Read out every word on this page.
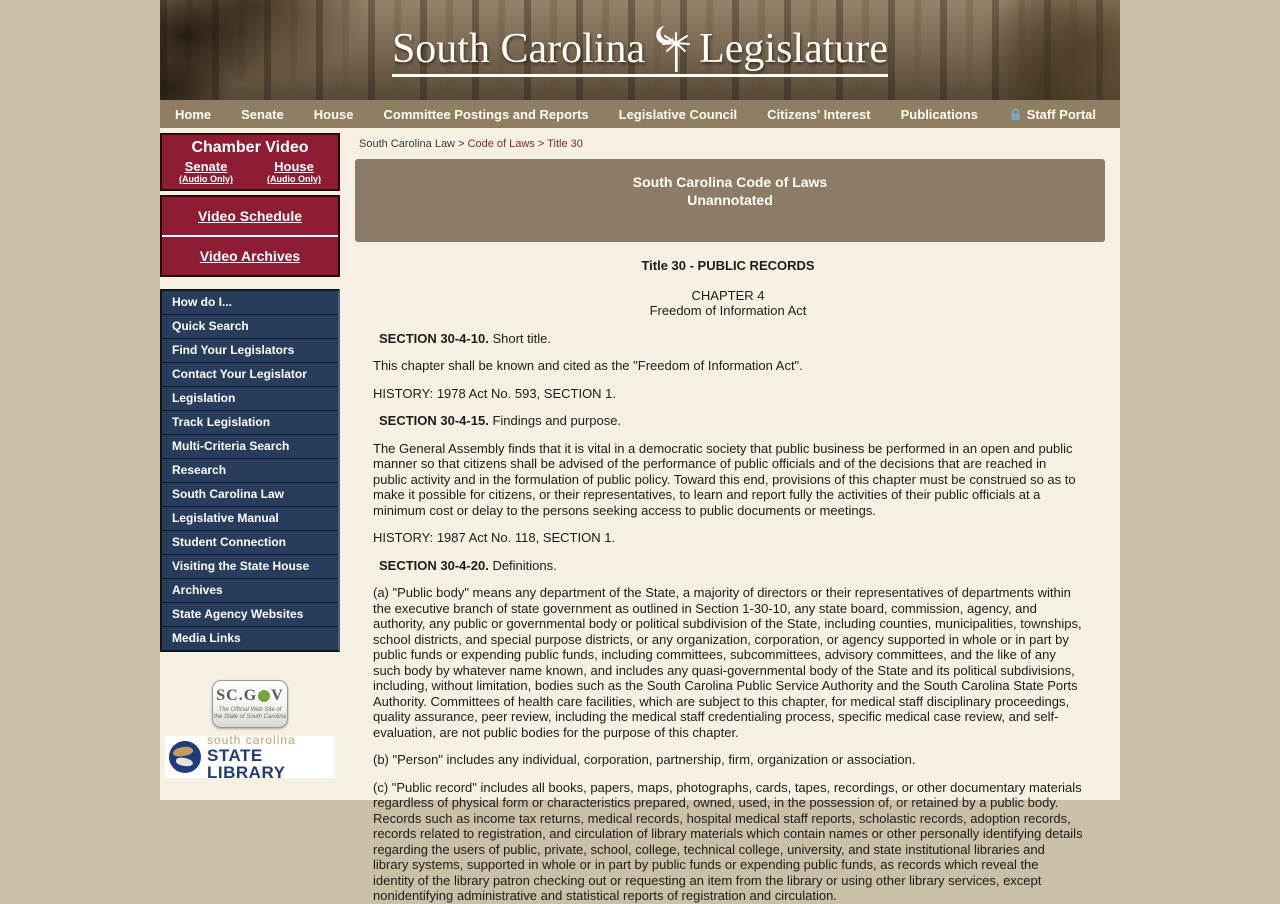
South Carolina Legislature
Home	Senate	House	Committee Postings and Reports	Legislative Council	Citizens' Interest	Publications	Staff Portal
Chamber Video
Senate
(Audio Only)
House
(Audio Only)
Video Schedule
Video Archives
How do I...
Quick Search
Find Your Legislators
Contact Your Legislator
Legislation
Track Legislation
Multi-Criteria Search
Research
South Carolina Law
Legislative Manual
Student Connection
Visiting the State House
Archives
State Agency Websites
Media Links
SC.G V
The Official Web Site of
the State of South Carolina
south carolina
STATE LIBRARY
South Carolina Law > Code of Laws > Title 30
South Carolina Code of Laws
Unannotated
Title 30 - PUBLIC RECORDS
CHAPTER 4
Freedom of Information Act

SECTION 30-4-10. Short title.

This chapter shall be known and cited as the "Freedom of Information Act".

HISTORY: 1978 Act No. 593, SECTION 1.

SECTION 30-4-15. Findings and purpose.

The General Assembly finds that it is vital in a democratic society that public business be performed in an open and public manner so that citizens shall be advised of the performance of public officials and of the decisions that are reached in public activity and in the formulation of public policy. Toward this end, provisions of this chapter must be construed so as to make it possible for citizens, or their representatives, to learn and report fully the activities of their public officials at a minimum cost or delay to the persons seeking access to public documents or meetings.

HISTORY: 1987 Act No. 118, SECTION 1.

SECTION 30-4-20. Definitions.

(a) "Public body" means any department of the State, a majority of directors or their representatives of departments within the executive branch of state government as outlined in Section 1-30-10, any state board, commission, agency, and authority, any public or governmental body or political subdivision of the State, including counties, municipalities, townships, school districts, and special purpose districts, or any organization, corporation, or agency supported in whole or in part by public funds or expending public funds, including committees, subcommittees, advisory committees, and the like of any such body by whatever name known, and includes any quasi-governmental body of the State and its political subdivisions, including, without limitation, bodies such as the South Carolina Public Service Authority and the South Carolina State Ports Authority. Committees of health care facilities, which are subject to this chapter, for medical staff disciplinary proceedings, quality assurance, peer review, including the medical staff credentialing process, specific medical case review, and self-evaluation, are not public bodies for the purpose of this chapter.

(b) "Person" includes any individual, corporation, partnership, firm, organization or association.

(c) "Public record" includes all books, papers, maps, photographs, cards, tapes, recordings, or other documentary materials regardless of physical form or characteristics prepared, owned, used, in the possession of, or retained by a public body. Records such as income tax returns, medical records, hospital medical staff reports, scholastic records, adoption records, records related to registration, and circulation of library materials which contain names or other personally identifying details regarding the users of public, private, school, college, technical college, university, and state institutional libraries and library systems, supported in whole or in part by public funds or expending public funds, as records which reveal the identity of the library patron checking out or requesting an item from the library or using other library services, except nonidentifying administrative and statistical reports of registration and circulation.
